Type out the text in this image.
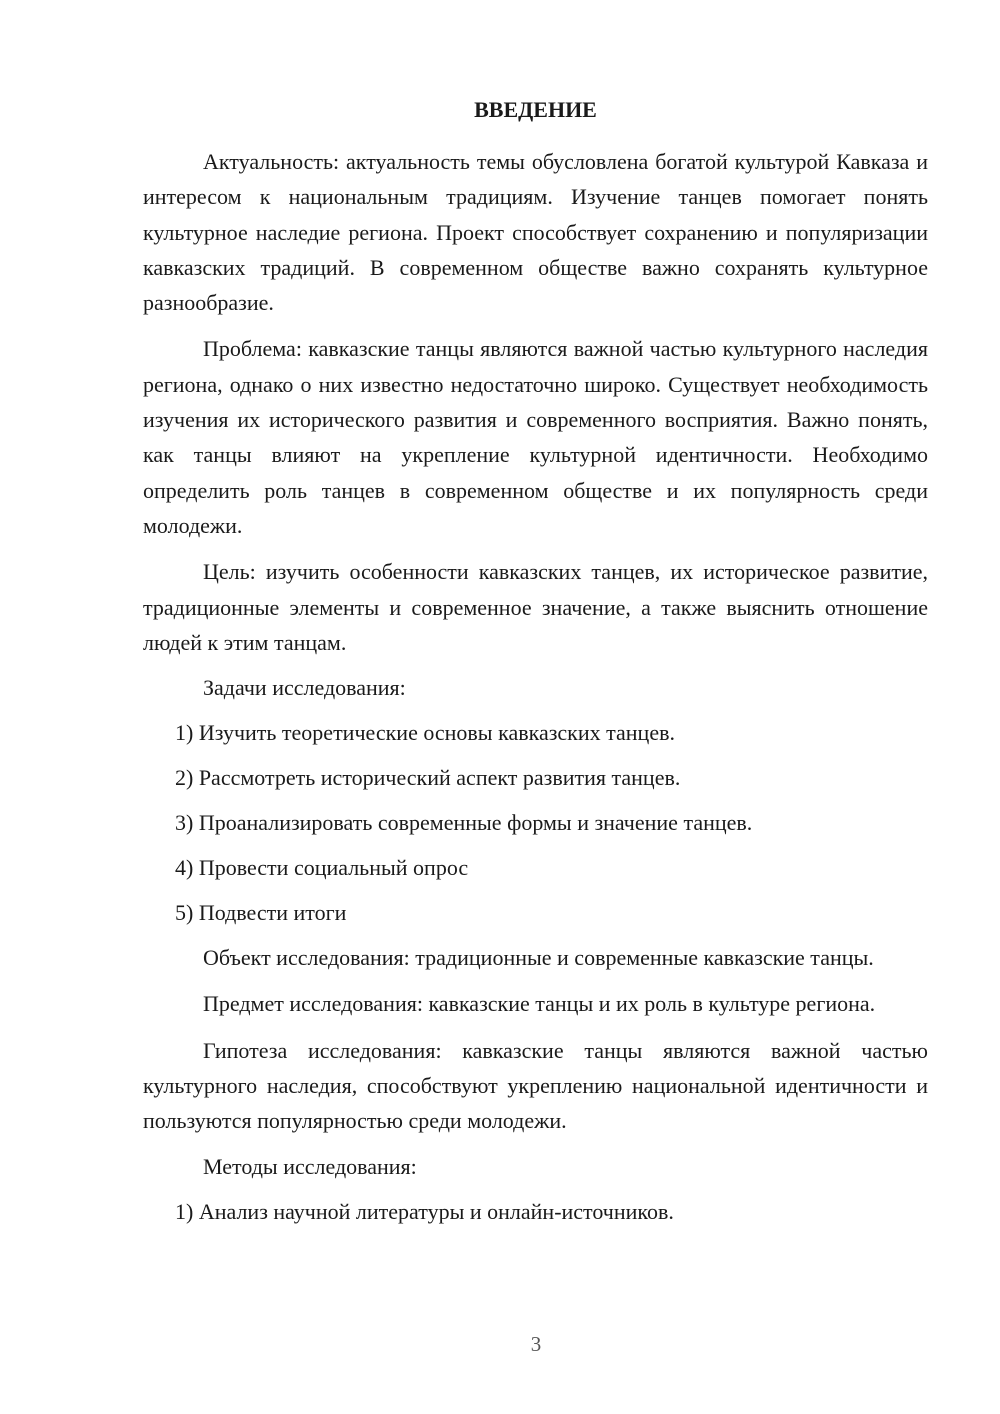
ВВЕДЕНИЕ

Актуальность: актуальность темы обусловлена богатой культурой Кавказа и интересом к национальным традициям. Изучение танцев помогает понять культурное наследие региона. Проект способствует сохранению и популяризации кавказских традиций. В современном обществе важно сохранять культурное разнообразие.

Проблема: кавказские танцы являются важной частью культурного наследия региона, однако о них известно недостаточно широко. Существует необходимость изучения их исторического развития и современного восприятия. Важно понять, как танцы влияют на укрепление культурной идентичности. Необходимо определить роль танцев в современном обществе и их популярность среди молодежи.

Цель: изучить особенности кавказских танцев, их историческое развитие, традиционные элементы и современное значение, а также выяснить отношение людей к этим танцам.

Задачи исследования:

1) Изучить теоретические основы кавказских танцев.

2) Рассмотреть исторический аспект развития танцев.

3) Проанализировать современные формы и значение танцев.

4) Провести социальный опрос

5) Подвести итоги

Объект исследования: традиционные и современные кавказские танцы.

Предмет исследования: кавказские танцы и их роль в культуре региона.

Гипотеза исследования: кавказские танцы являются важной частью культурного наследия, способствуют укреплению национальной идентичности и пользуются популярностью среди молодежи.

Методы исследования:

1) Анализ научной литературы и онлайн-источников.

3
